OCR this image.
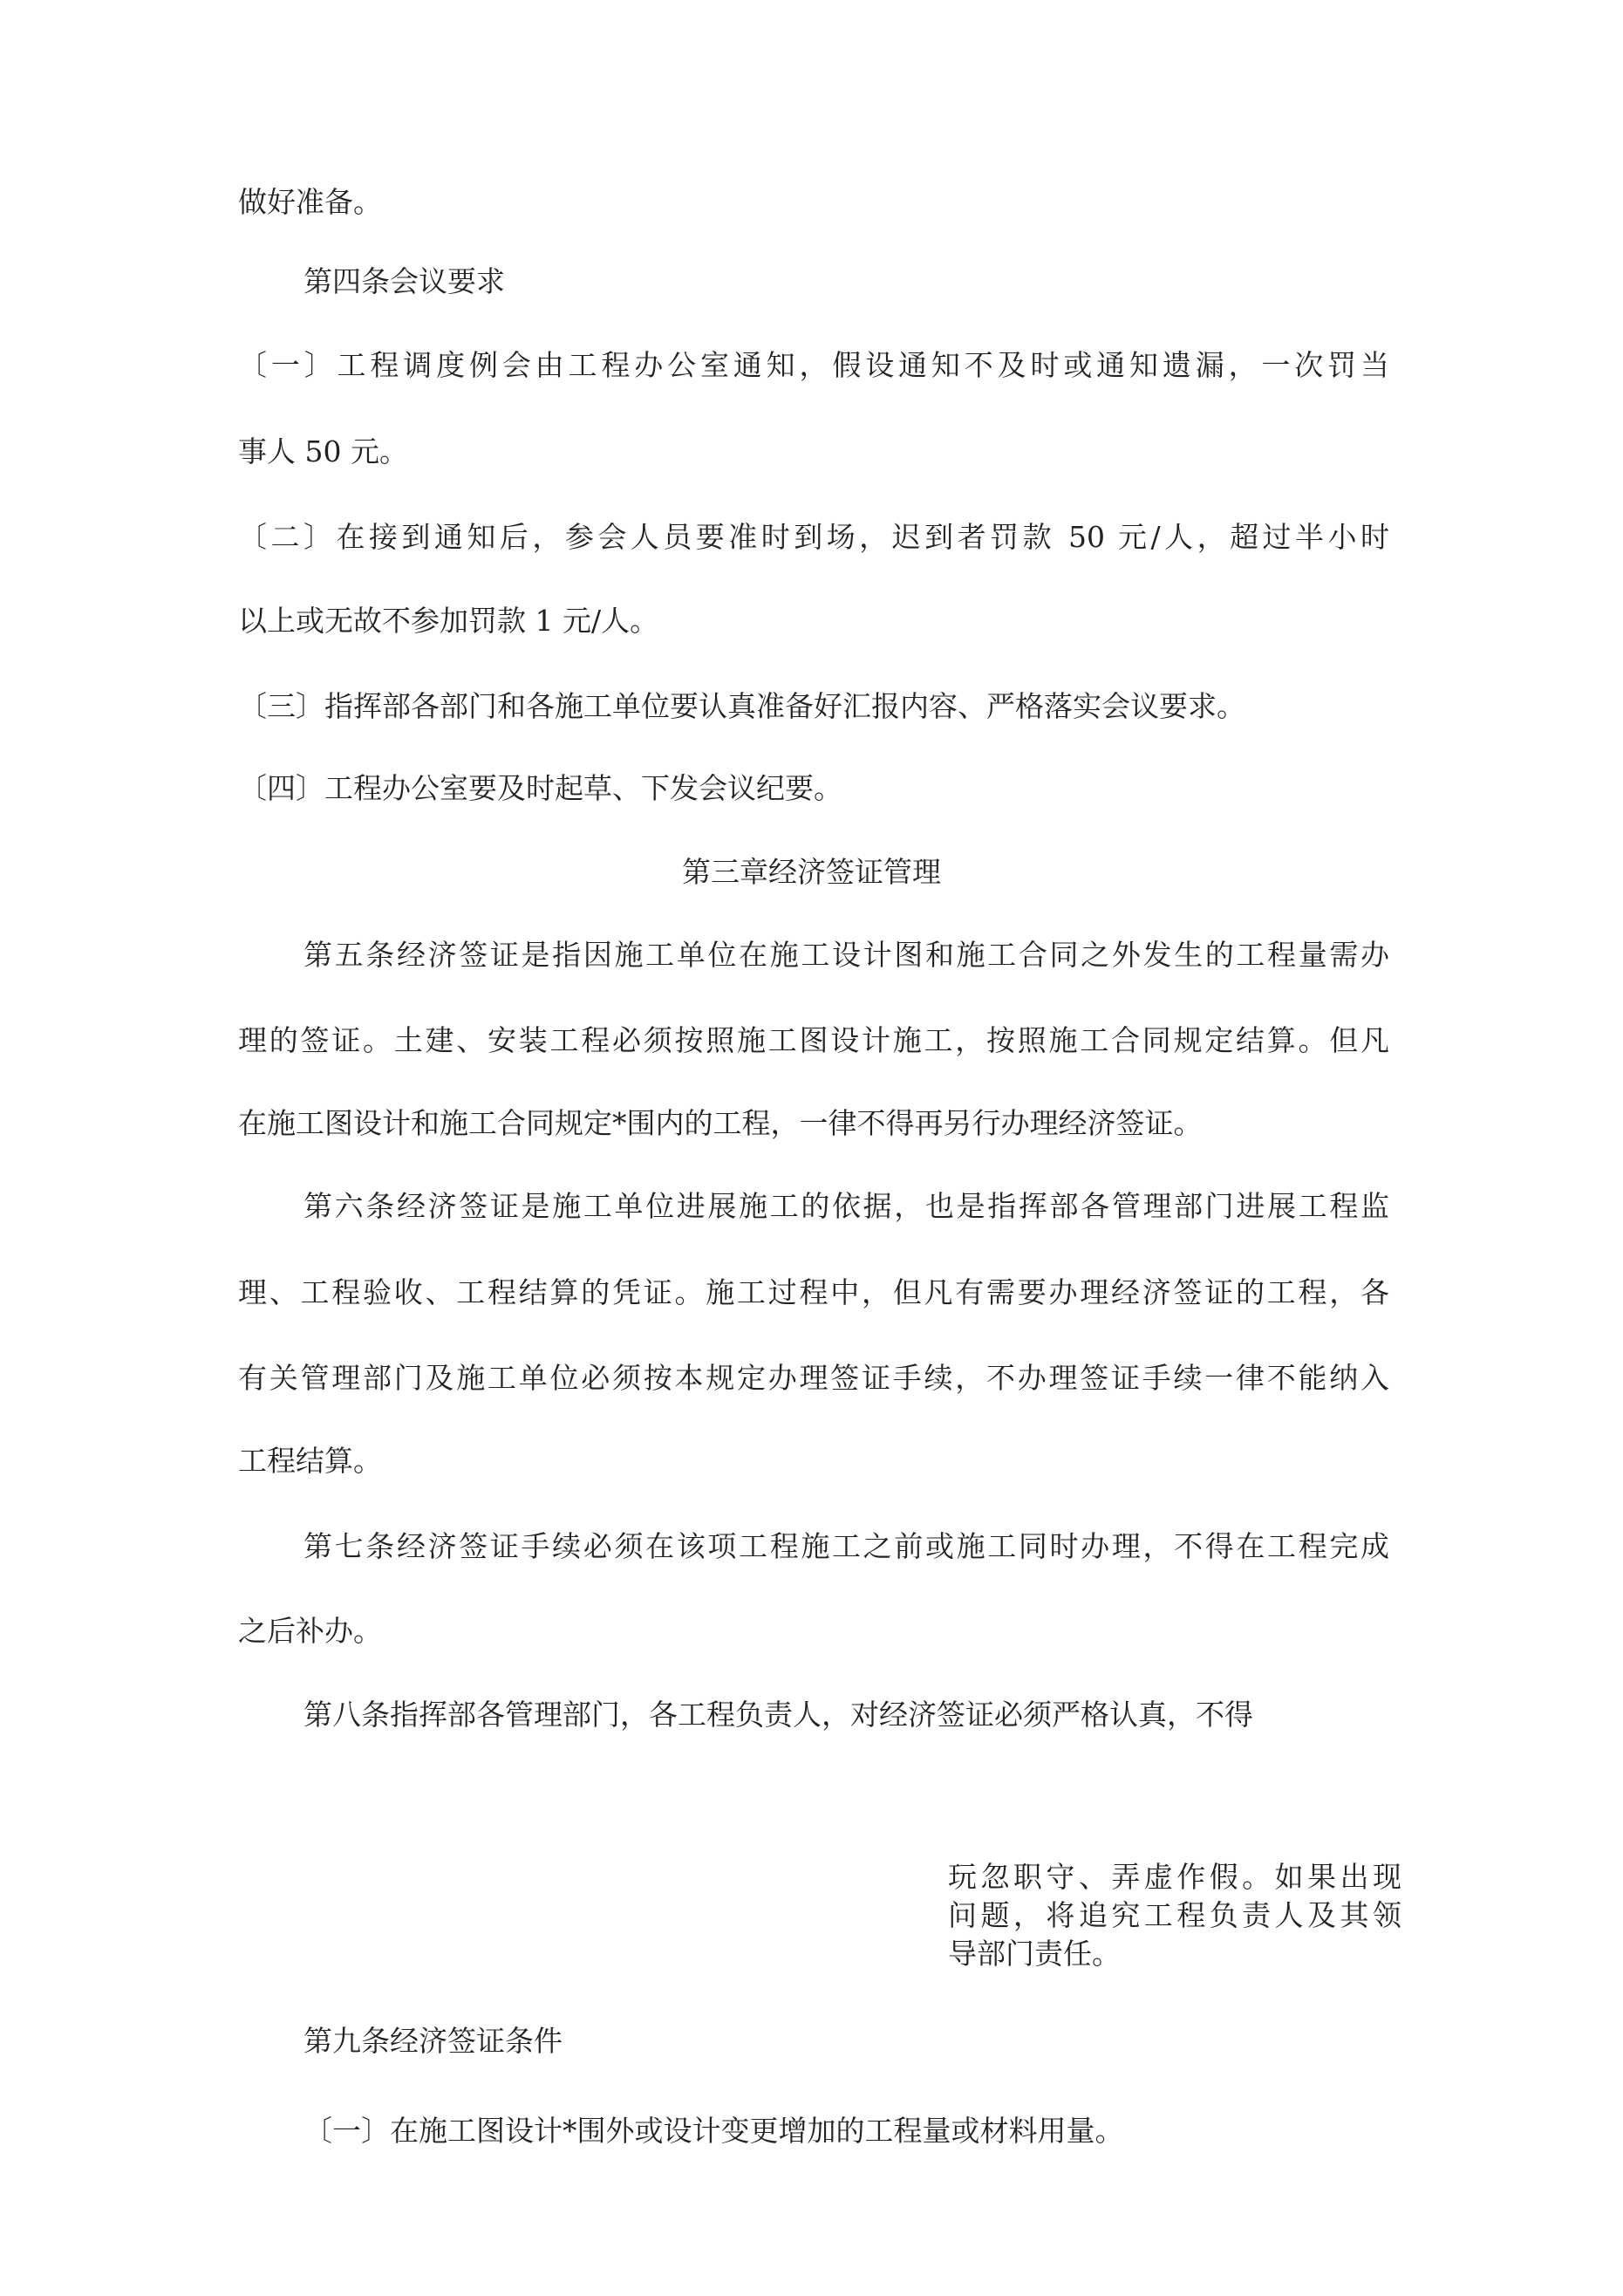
做好准备。
第四条会议要求
〔一〕工程调度例会由工程办公室通知，假设通知不及时或通知遗漏，一次罚当
事人 50 元。
〔二〕在接到通知后，参会人员要准时到场，迟到者罚款 50 元/人，超过半小时
以上或无故不参加罚款 1 元/人。
〔三〕指挥部各部门和各施工单位要认真准备好汇报内容、严格落实会议要求。
〔四〕工程办公室要及时起草、下发会议纪要。
第三章经济签证管理
第五条经济签证是指因施工单位在施工设计图和施工合同之外发生的工程量需办
理的签证。土建、安装工程必须按照施工图设计施工，按照施工合同规定结算。但凡
在施工图设计和施工合同规定*围内的工程，一律不得再另行办理经济签证。
第六条经济签证是施工单位进展施工的依据，也是指挥部各管理部门进展工程监
理、工程验收、工程结算的凭证。施工过程中，但凡有需要办理经济签证的工程，各
有关管理部门及施工单位必须按本规定办理签证手续，不办理签证手续一律不能纳入
工程结算。
第七条经济签证手续必须在该项工程施工之前或施工同时办理，不得在工程完成
之后补办。
第八条指挥部各管理部门，各工程负责人，对经济签证必须严格认真，不得
玩忽职守、弄虚作假。如果出现
问题，将追究工程负责人及其领
导部门责任。
第九条经济签证条件
〔一〕在施工图设计*围外或设计变更增加的工程量或材料用量。
